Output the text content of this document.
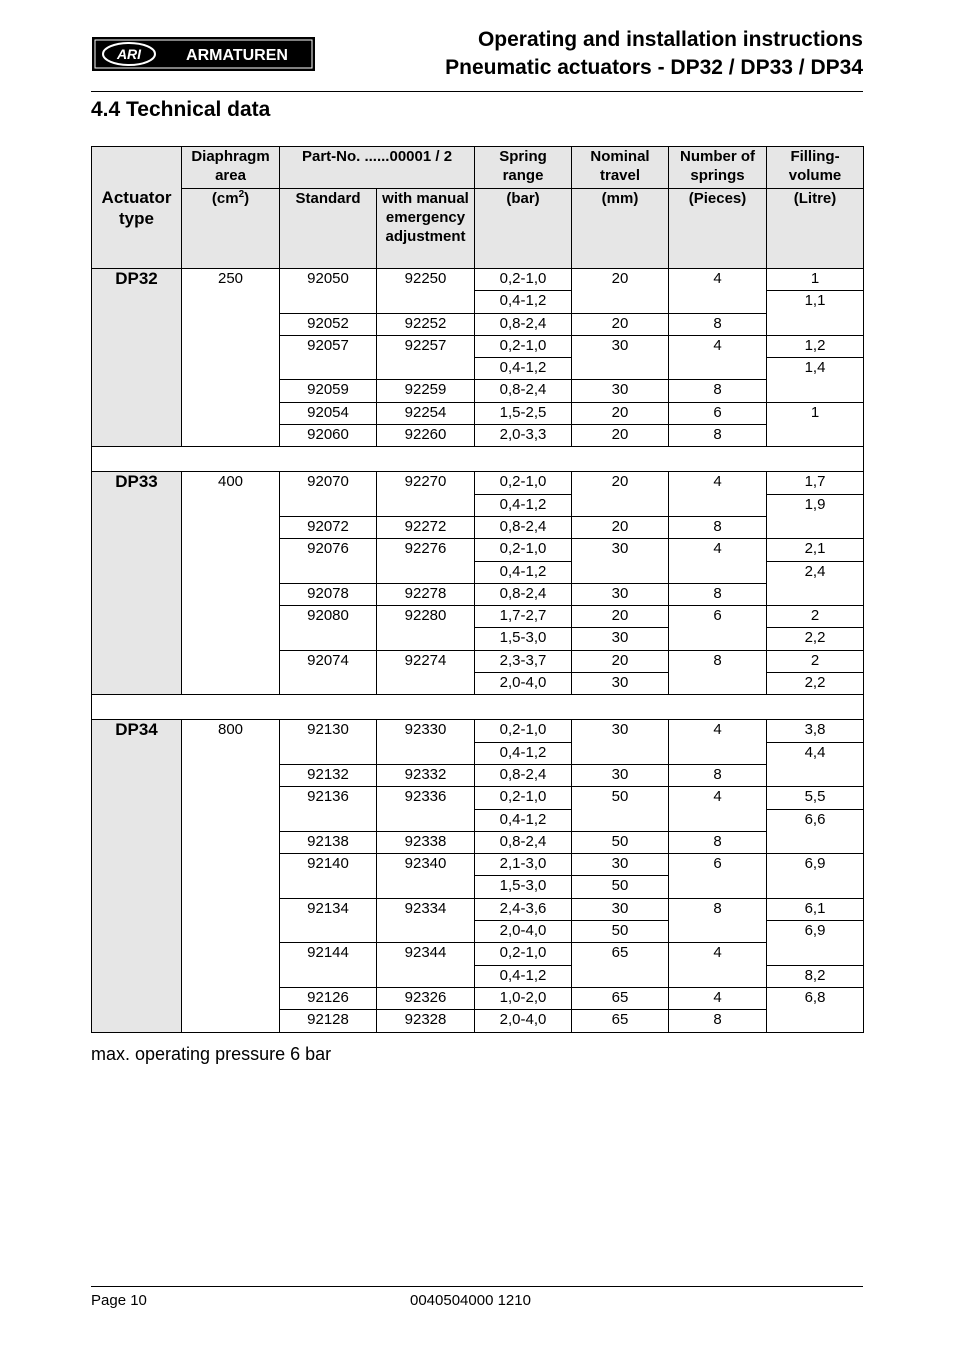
ARI	ARMATUREN
Operating and installation instructions
Pneumatic actuators - DP32 / DP33 / DP34
4.4 Technical data
Actuator type	Diaphragm area	Part-No. ......00001 / 2		Spring range	Nominal travel	Number of springs	Filling-volume
	$(cm^2)$	Standard	with manual emergency adjustment	(bar)	(mm)	(Pieces)	(Litre)
DP32	250	92050	92250	0,2-1,0	20	4	1
				0,4-1,2			1,1
		92052	92252	0,8-2,4	20	8	
		92057	92257	0,2-1,0	30	4	1,2
				0,4-1,2			1,4
		92059	92259	0,8-2,4	30	8	
		92054	92254	1,5-2,5	20	6	1
		92060	92260	2,0-3,3	20	8	

DP33	400	92070	92270	0,2-1,0	20	4	1,7
				0,4-1,2			1,9
		92072	92272	0,8-2,4	20	8	
		92076	92276	0,2-1,0	30	4	2,1
				0,4-1,2			2,4
		92078	92278	0,8-2,4	30	8	
		92080	92280	1,7-2,7	20	6	2
				1,5-3,0	30		2,2
		92074	92274	2,3-3,7	20	8	2
				2,0-4,0	30		2,2

DP34	800	92130	92330	0,2-1,0	30	4	3,8
				0,4-1,2			4,4
		92132	92332	0,8-2,4	30	8	
		92136	92336	0,2-1,0	50	4	5,5
				0,4-1,2			6,6
		92138	92338	0,8-2,4	50	8	
		92140	92340	2,1-3,0	30	6	6,9
				1,5-3,0	50		
		92134	92334	2,4-3,6	30	8	6,1
				2,0-4,0	50		6,9
		92144	92344	0,2-1,0	65	4	
				0,4-1,2			8,2
		92126	92326	1,0-2,0	65	4	6,8
		92128	92328	2,0-4,0	65	8	
max. operating pressure 6 bar
Page 10	0040504000 1210
